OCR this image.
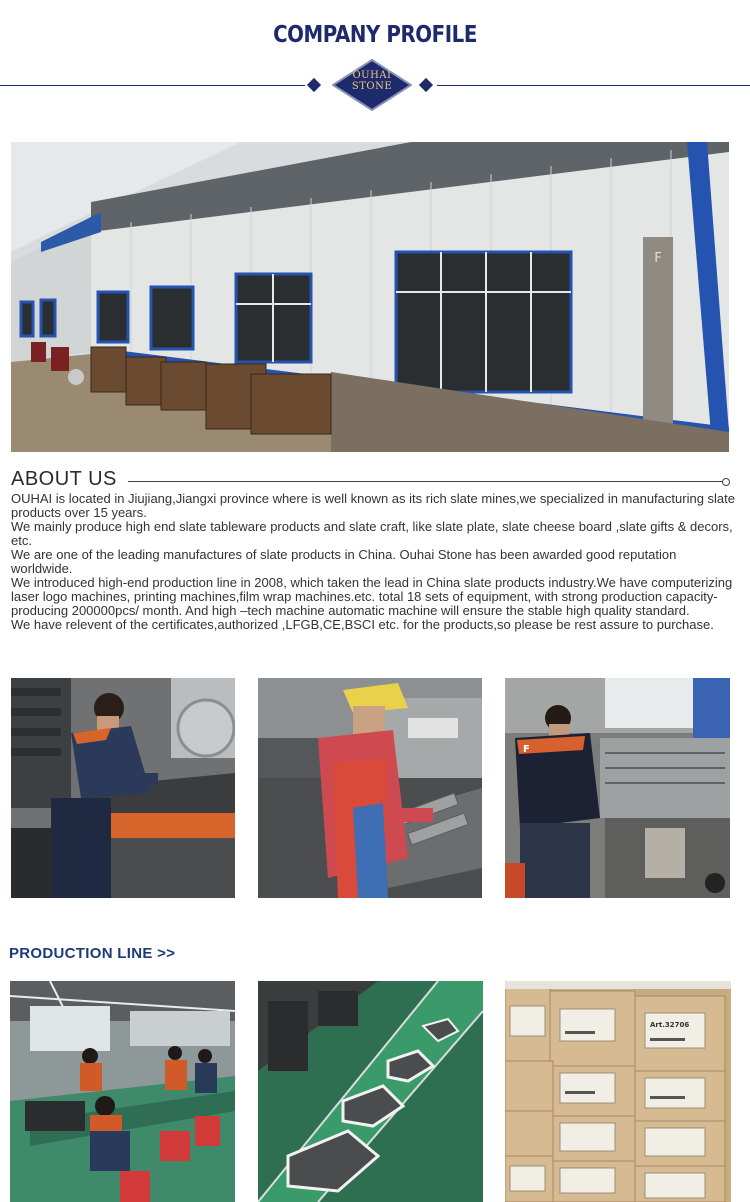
COMPANY PROFILE
OUHAI
STONE
F
ABOUT US

OUHAI is located in Jiujiang,Jiangxi province where is well known as its rich slate mines,we specialized in manufacturing slate products over 15 years.

We mainly produce high end slate tableware products and slate craft, like slate plate, slate cheese board ,slate gifts & decors, etc.

We are one of the leading manufactures of slate products in China. Ouhai Stone has been awarded good reputation worldwide.

We introduced high-end production line in 2008, which taken the lead in China slate products industry.We have computerizing laser logo machines, printing machines,film wrap machines.etc. total 18 sets of equipment, with strong production capacity- producing 200000pcs/ month. And high –tech machine automatic machine will ensure the stable high quality standard.

We have relevent of the certificates,authorized ,LFGB,CE,BSCI etc. for the products,so please be rest assure to purchase.

F
PRODUCTION LINE >>
Art.32706
